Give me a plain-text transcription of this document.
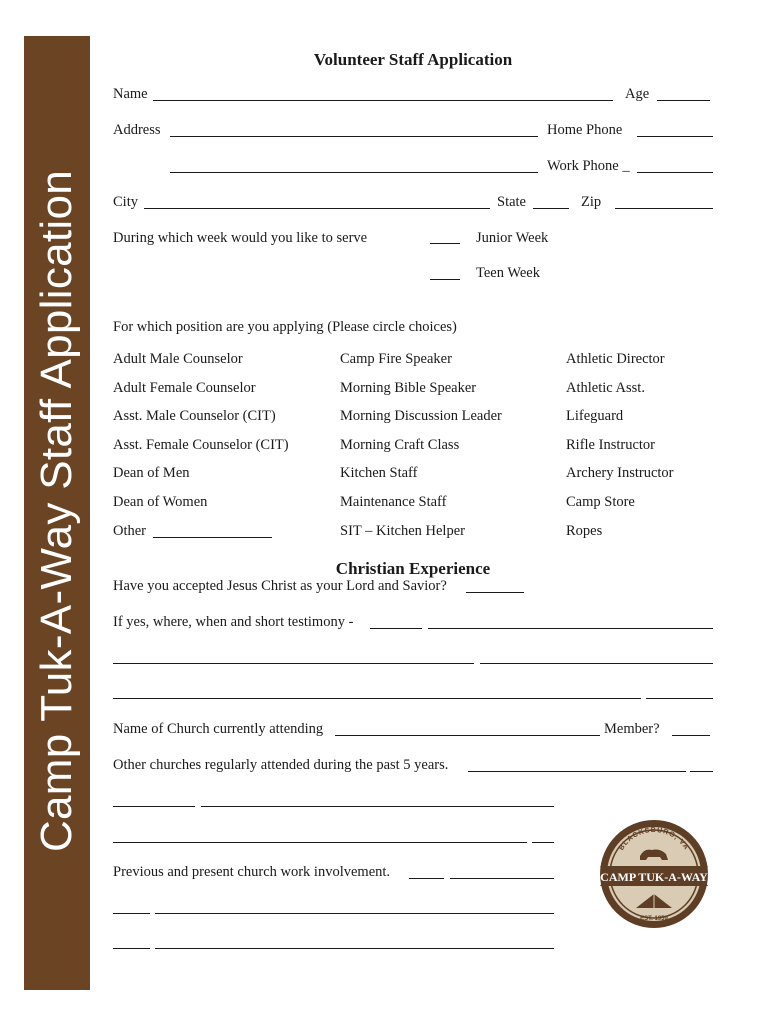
Camp Tuk-A-Way Staff Application
Volunteer Staff Application
Name	Age
Address	Home Phone
Work Phone _
City	State	Zip
During which week would you like to serve	Junior Week
Teen Week
For which position are you applying (Please circle choices)
Adult Male Counselor
Adult Female Counselor
Asst. Male Counselor (CIT)
Asst. Female Counselor (CIT)
Dean of Men
Dean of Women
Other
Camp Fire Speaker
Morning Bible Speaker
Morning Discussion Leader
Morning Craft Class
Kitchen Staff
Maintenance Staff
SIT – Kitchen Helper
Athletic Director
Athletic Asst.
Lifeguard
Rifle Instructor
Archery Instructor
Camp Store
Ropes
Christian Experience
Have you accepted Jesus Christ as your Lord and Savior?
If yes, where, when and short testimony -
Name of Church currently attending	Member?
Other churches regularly attended during the past 5 years.
Previous and present church work involvement.
BLACKSBURG, VA
CAMP TUK-A-WAY
EST. 1959
